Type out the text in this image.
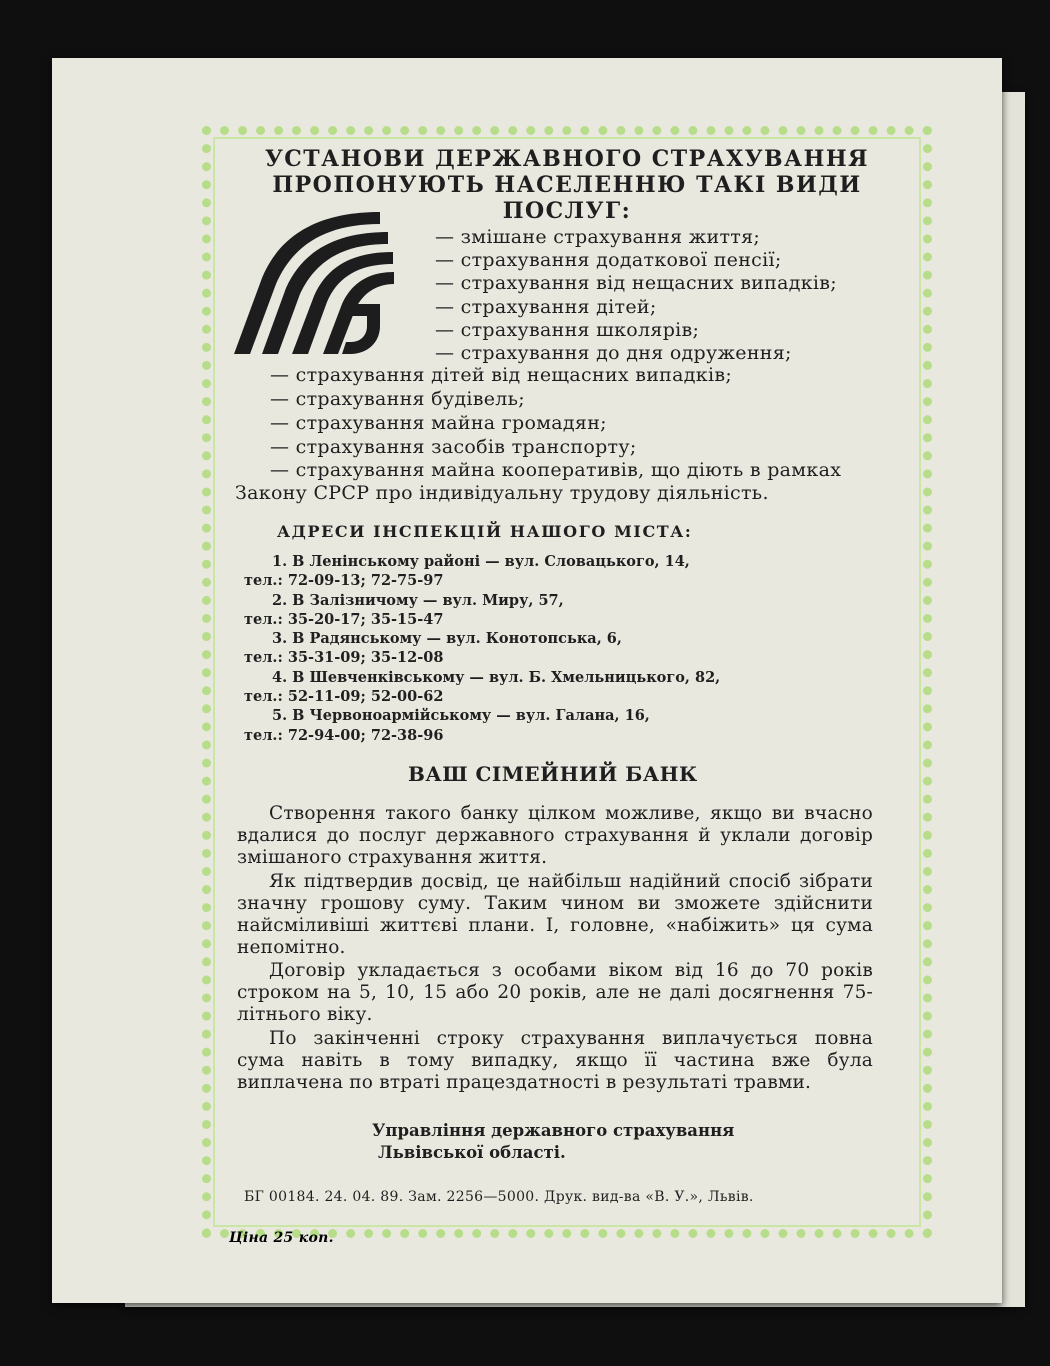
УСТАНОВИ ДЕРЖАВНОГО СТРАХУВАННЯ
ПРОПОНУЮТЬ НАСЕЛЕННЮ ТАКІ ВИДИ ПОСЛУГ:
— змішане страхування життя;
— страхування додаткової пенсії;
— страхування від нещасних випадків;
— страхування дітей;
— страхування школярів;
— страхування до дня одруження;
— страхування дітей від нещасних випадків;
— страхування будівель;
— страхування майна громадян;
— страхування засобів транспорту;
— страхування майна кооперативів, що діють в рамках
Закону СРСР про індивідуальну трудову діяльність.
АДРЕСИ ІНСПЕКЦІЙ НАШОГО МІСТА:
1. В Ленінському районі — вул. Словацького, 14,
тел.: 72-09-13; 72-75-97
2. В Залізничому — вул. Миру, 57,
тел.: 35-20-17; 35-15-47
3. В Радянському — вул. Конотопська, 6,
тел.: 35-31-09; 35-12-08
4. В Шевченківському — вул. Б. Хмельницького, 82,
тел.: 52-11-09; 52-00-62
5. В Червоноармійському — вул. Галана, 16,
тел.: 72-94-00; 72-38-96
ВАШ СІМЕЙНИЙ БАНК
Створення такого банку цілком можливе, якщо ви вчасно вдалися до послуг державного страхування й уклали договір змішаного страхування життя.
Як підтвердив досвід, це найбільш надійний спосіб зібрати значну грошову суму. Таким чином ви зможете здійснити найсміливіші життєві плани. І, головне, «набіжить» ця сума непомітно.
Договір укладається з особами віком від 16 до 70 років строком на 5, 10, 15 або 20 років, але не далі досягнення 75-літнього віку.
По закінченні строку страхування виплачується повна сума навіть в тому випадку, якщо її частина вже була виплачена по втраті працездатності в результаті травми.
Управління державного страхування
Львівської області.
БГ 00184. 24. 04. 89. Зам. 2256—5000. Друк. вид-ва «В. У.», Львів.
Ціна 25 коп.
